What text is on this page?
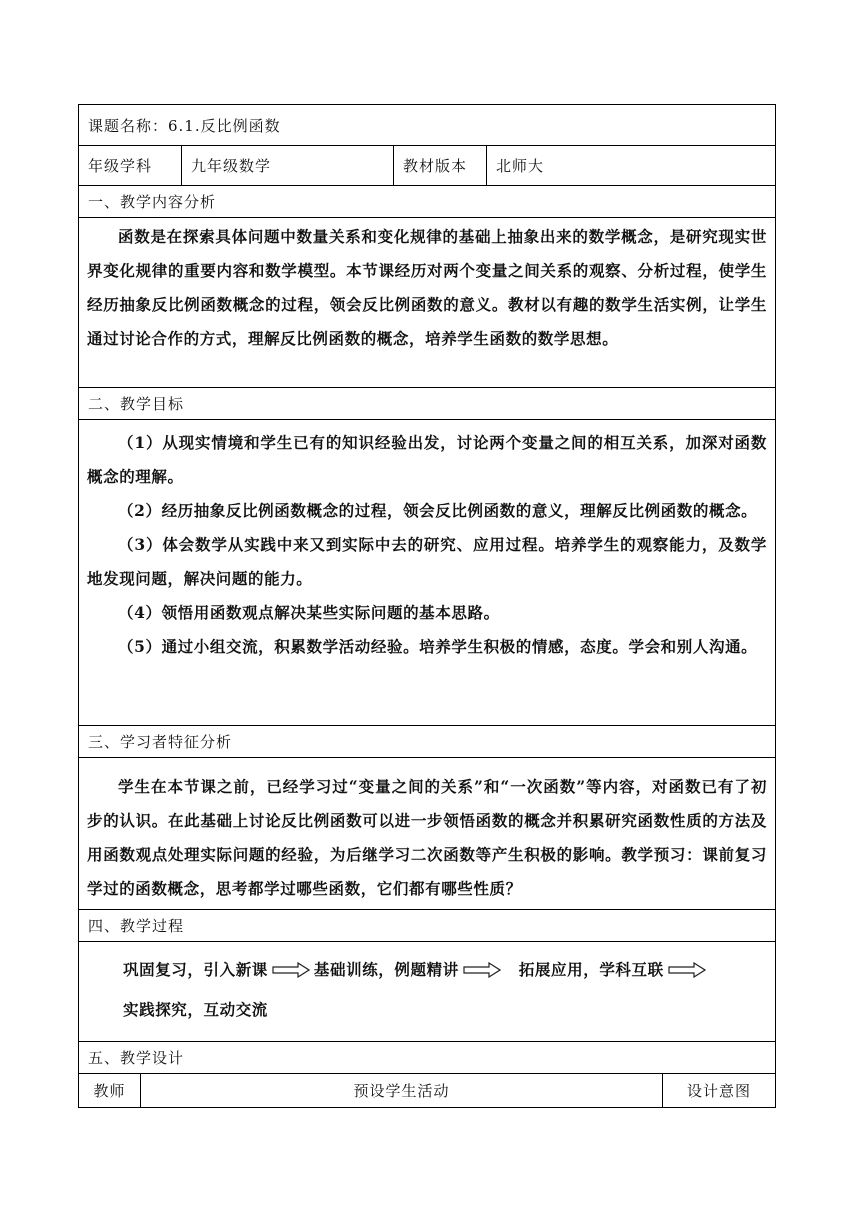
课题名称：6.1.反比例函数
年级学科	九年级数学	教材版本	北师大
一、教学内容分析

函数是在探索具体问题中数量关系和变化规律的基础上抽象出来的数学概念，是研究现实世界变化规律的重要内容和数学模型。本节课经历对两个变量之间关系的观察、分析过程，使学生经历抽象反比例函数概念的过程，领会反比例函数的意义。教材以有趣的数学生活实例，让学生通过讨论合作的方式，理解反比例函数的概念，培养学生函数的数学思想。

二、教学目标

（1）从现实情境和学生已有的知识经验出发，讨论两个变量之间的相互关系，加深对函数概念的理解。

（2）经历抽象反比例函数概念的过程，领会反比例函数的意义，理解反比例函数的概念。

（3）体会数学从实践中来又到实际中去的研究、应用过程。培养学生的观察能力，及数学地发现问题，解决问题的能力。

（4）领悟用函数观点解决某些实际问题的基本思路。

（5）通过小组交流，积累数学活动经验。培养学生积极的情感，态度。学会和别人沟通。

三、学习者特征分析

学生在本节课之前，已经学习过“变量之间的关系”和“一次函数”等内容，对函数已有了初步的认识。在此基础上讨论反比例函数可以进一步领悟函数的概念并积累研究函数性质的方法及用函数观点处理实际问题的经验，为后继学习二次函数等产生积极的影响。教学预习：课前复习学过的函数概念，思考都学过哪些函数，它们都有哪些性质？

四、教学过程
巩固复习，引入新课	基础训练，例题精讲	拓展应用，学科互联
实践探究，互动交流
五、教学设计
教师	预设学生活动	设计意图
